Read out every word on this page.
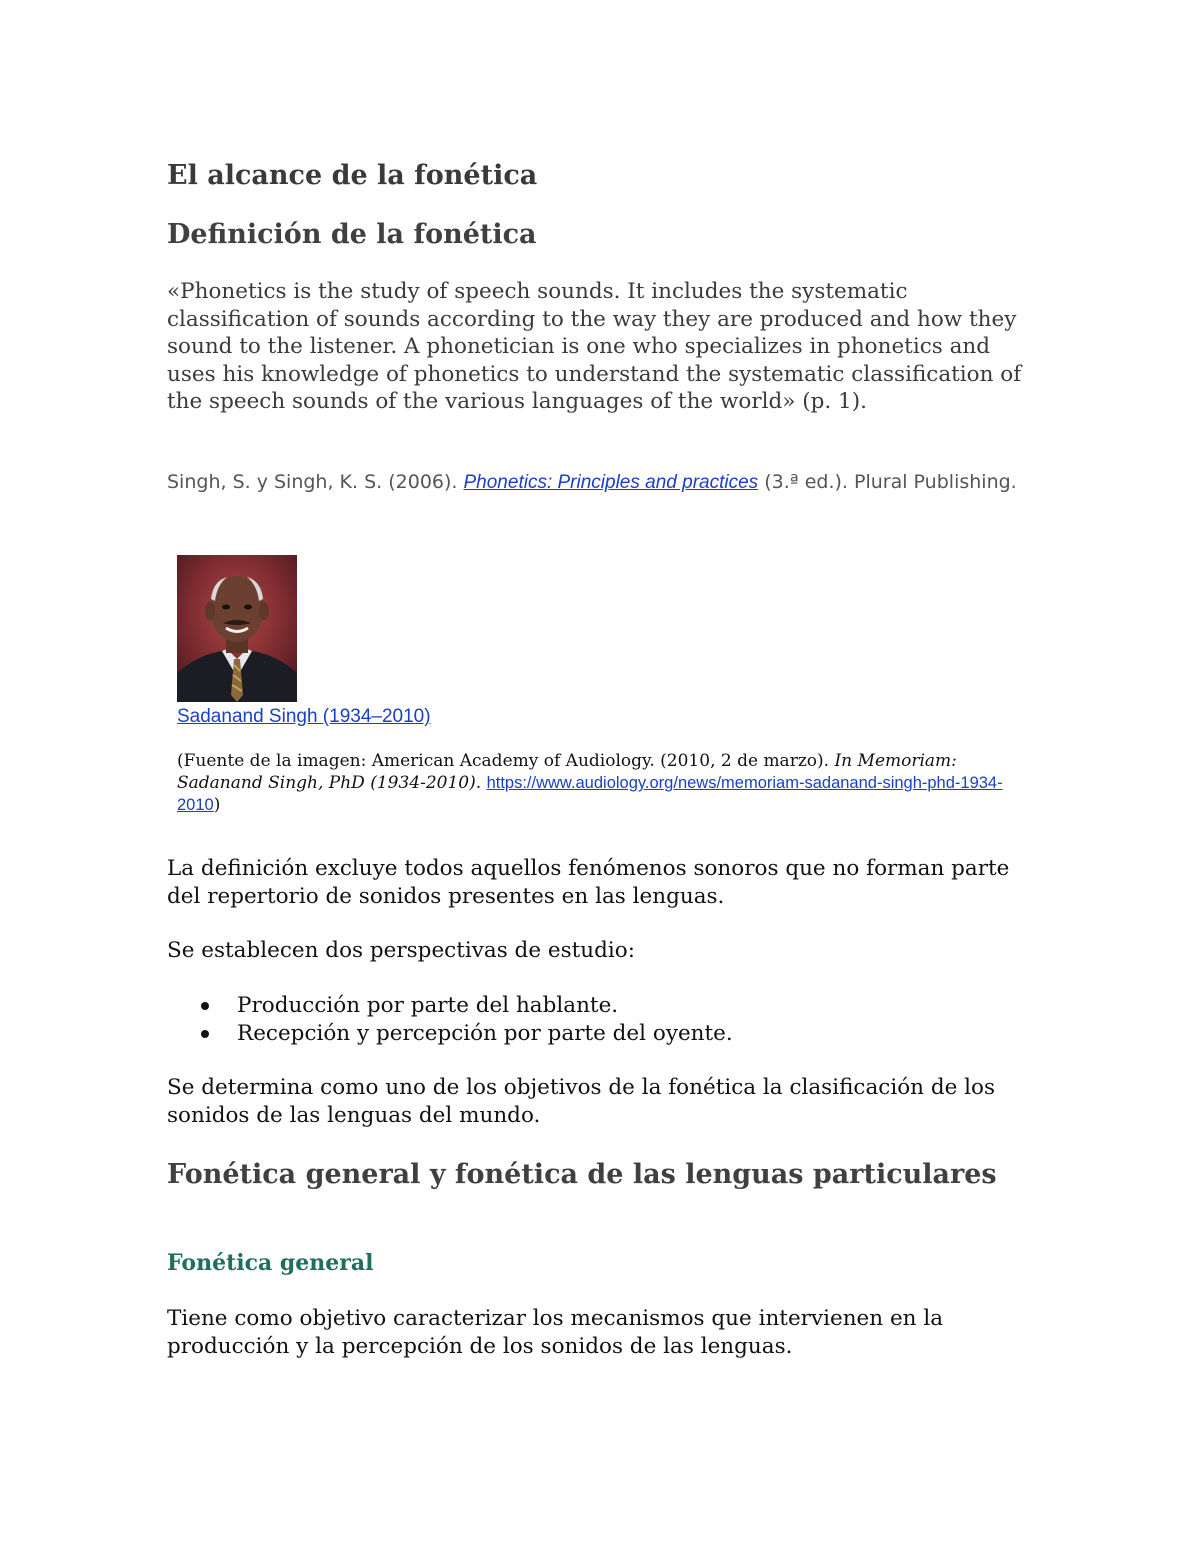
El alcance de la fonética
Definición de la fonética

«Phonetics is the study of speech sounds. It includes the systematic classification of sounds according to the way they are produced and how they sound to the listener. A phonetician is one who specializes in phonetics and uses his knowledge of phonetics to understand the systematic classification of the speech sounds of the various languages of the world» (p. 1).

Singh, S. y Singh, K. S. (2006). Phonetics: Principles and practices (3.ª ed.). Plural Publishing.

Sadanand Singh (1934–2010)

(Fuente de la imagen: American Academy of Audiology. (2010, 2 de marzo). In Memoriam: Sadanand Singh, PhD (1934-2010). https://www.audiology.org/news/memoriam-sadanand-singh-phd-1934-2010)

La definición excluye todos aquellos fenómenos sonoros que no forman parte del repertorio de sonidos presentes en las lenguas.

Se establecen dos perspectivas de estudio:

Producción por parte del hablante.
Recepción y percepción por parte del oyente.

Se determina como uno de los objetivos de la fonética la clasificación de los sonidos de las lenguas del mundo.

Fonética general y fonética de las lenguas particulares
Fonética general

Tiene como objetivo caracterizar los mecanismos que intervienen en la producción y la percepción de los sonidos de las lenguas.
